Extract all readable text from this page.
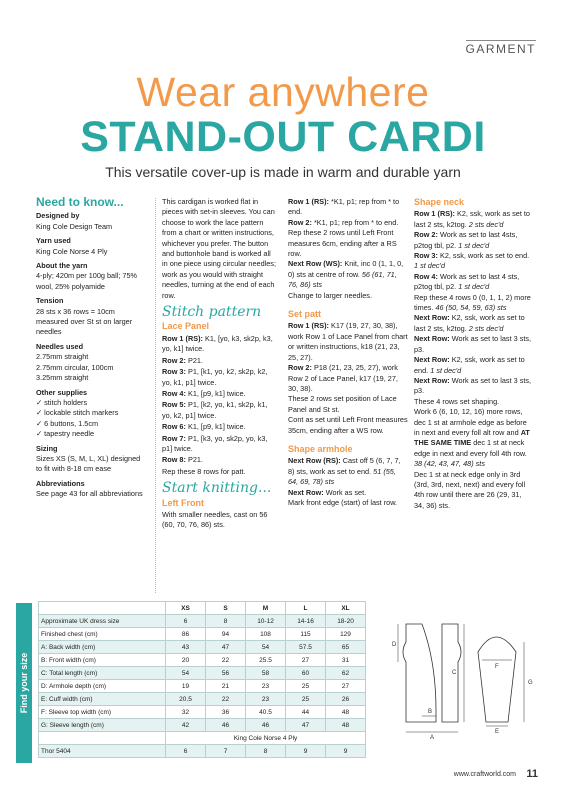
GARMENT
Wear anywhere
STAND-OUT CARDI
This versatile cover-up is made in warm and durable yarn
Need to know...

Designed by
King Cole Design Team

Yarn used
King Cole Norse 4 Ply

About the yarn
4-ply; 420m per 100g ball; 75% wool, 25% polyamide

Tension
28 sts x 36 rows = 10cm measured over St st on larger needles

Needles used
2.75mm straight
2.75mm circular, 100cm
3.25mm straight

Other supplies
✓ stitch holders
✓ lockable stitch markers
✓ 6 buttons, 1.5cm
✓ tapestry needle

Sizing
Sizes XS (S, M, L, XL) designed to fit with 8-18 cm ease

Abbreviations
See page 43 for all abbreviations

This cardigan is worked flat in pieces with set-in sleeves. You can choose to work the lace pattern from a chart or written instructions, whichever you prefer. The button and buttonhole band is worked all in one piece using circular needles; work as you would with straight needles, turning at the end of each row.

Stitch pattern
Lace Panel
Row 1 (RS): K1, [yo, k3, sk2p, k3, yo, k1] twice.
Row 2: P21.
Row 3: P1, [k1, yo, k2, sk2p, k2, yo, k1, p1] twice.
Row 4: K1, [p9, k1] twice.
Row 5: P1, [k2, yo, k1, sk2p, k1, yo, k2, p1] twice.
Row 6: K1, [p9, k1] twice.
Row 7: P1, [k3, yo, sk2p, yo, k3, p1] twice.
Row 8: P21.
Rep these 8 rows for patt.
Start knitting...
Left Front
With smaller needles, cast on 56 (60, 70, 76, 86) sts.
Row 1 (RS): *K1, p1; rep from * to end.
Row 2: *K1, p1; rep from * to end.
Rep these 2 rows until Left Front measures 6cm, ending after a RS row.
Next Row (WS): Knit, inc 0 (1, 1, 0, 0) sts at centre of row. 56 (61, 71, 76, 86) sts
Change to larger needles.
Set patt
Row 1 (RS): K17 (19, 27, 30, 38), work Row 1 of Lace Panel from chart or written instructions, k18 (21, 23, 25, 27).
Row 2: P18 (21, 23, 25, 27), work Row 2 of Lace Panel, k17 (19, 27, 30, 38).
These 2 rows set position of Lace Panel and St st.
Cont as set until Left Front measures 35cm, ending after a WS row.
Shape armhole
Next Row (RS): Cast off 5 (6, 7, 7, 8) sts, work as set to end. 51 (55, 64, 69, 78) sts
Next Row: Work as set.
Mark front edge (start) of last row.
Shape neck
Row 1 (RS): K2, ssk, work as set to last 2 sts, k2tog. 2 sts dec'd
Row 2: Work as set to last 4sts, p2tog tbl, p2. 1 st dec'd
Row 3: K2, ssk, work as set to end. 1 st dec'd
Row 4: Work as set to last 4 sts, p2tog tbl, p2. 1 st dec'd
Rep these 4 rows 0 (0, 1, 1, 2) more times. 46 (50, 54, 59, 63) sts
Next Row: K2, ssk, work as set to last 2 sts, k2tog. 2 sts dec'd
Next Row: Work as set to last 3 sts, p3.
Next Row: K2, ssk, work as set to end. 1 st dec'd
Next Row: Work as set to last 3 sts, p3.
These 4 rows set shaping.
Work 6 (6, 10, 12, 16) more rows, dec 1 st at armhole edge as before in next and every foll alt row and AT THE SAME TIME dec 1 st at neck edge in next and every foll 4th row. 38 (42, 43, 47, 48) sts
Dec 1 st at neck edge only in 3rd (3rd, 3rd, next, next) and every foll 4th row until there are 26 (29, 31, 34, 36) sts.
Find your size
	XS	S	M	L	XL
Approximate UK dress size	6	8	10-12	14-16	18-20
Finished chest (cm)	86	94	108	115	129
A: Back width (cm)	43	47	54	57.5	65
B: Front width (cm)	20	22	25.5	27	31
C: Total length (cm)	54	56	58	60	62
D: Armhole depth (cm)	19	21	23	25	27
E: Cuff width (cm)	20.5	22	23	25	26
F: Sleeve top width (cm)	32	36	40.5	44	48
G: Sleeve length (cm)	42	46	46	47	48
	King Cole Norse 4 Ply				
Thor 5404	6	7	8	9	9
A
B
C
D
E
F
G
www.craftworld.com 11
